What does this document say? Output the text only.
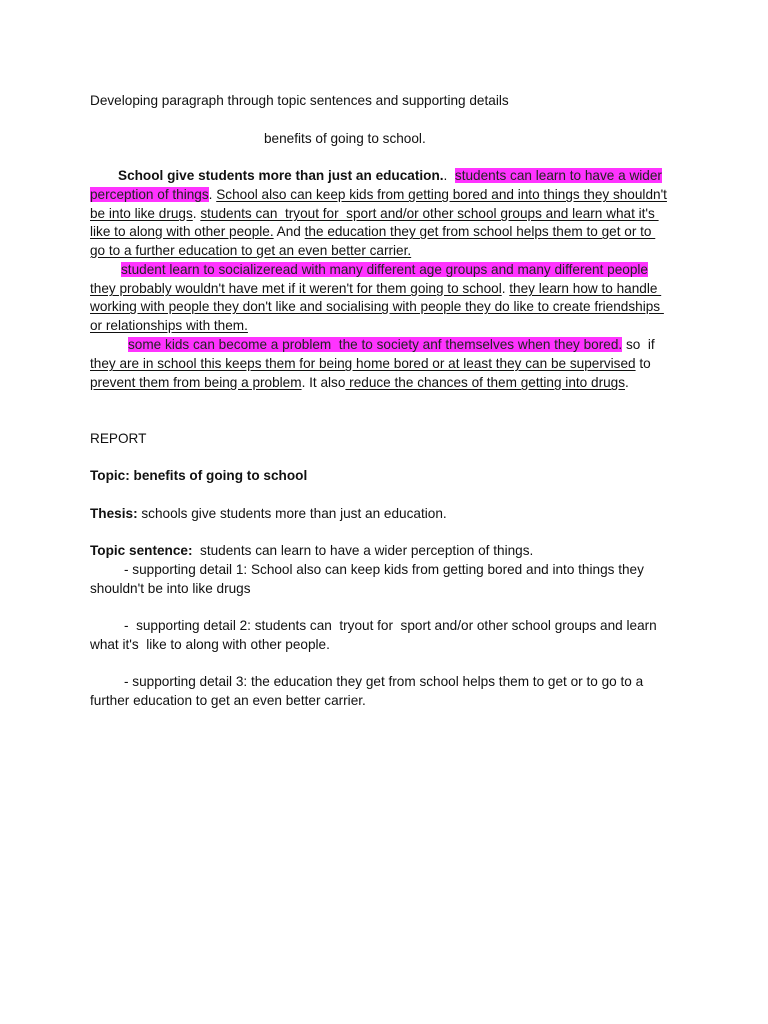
Developing paragraph through topic sentences and supporting details
benefits of going to school.
School give students more than just an education..  students can learn to have a wider
perception of things. School also can keep kids from getting bored and into things they shouldn't
be into like drugs. students can  tryout for  sport and/or other school groups and learn what it's
like to along with other people. And the education they get from school helps them to get or to
go to a further education to get an even better carrier.
student learn to socializeread with many different age groups and many different people
they probably wouldn't have met if it weren't for them going to school. they learn how to handle
working with people they don't like and socialising with people they do like to create friendships
or relationships with them.
some kids can become a problem  the to society anf themselves when they bored. so  if
they are in school this keeps them for being home bored or at least they can be supervised to
prevent them from being a problem. It also reduce the chances of them getting into drugs.
REPORT
Topic: benefits of going to school
Thesis: schools give students more than just an education.
Topic sentence:  students can learn to have a wider perception of things.
- supporting detail 1: School also can keep kids from getting bored and into things they
shouldn't be into like drugs
-  supporting detail 2: students can  tryout for  sport and/or other school groups and learn
what it's  like to along with other people.
- supporting detail 3: the education they get from school helps them to get or to go to a
further education to get an even better carrier.
